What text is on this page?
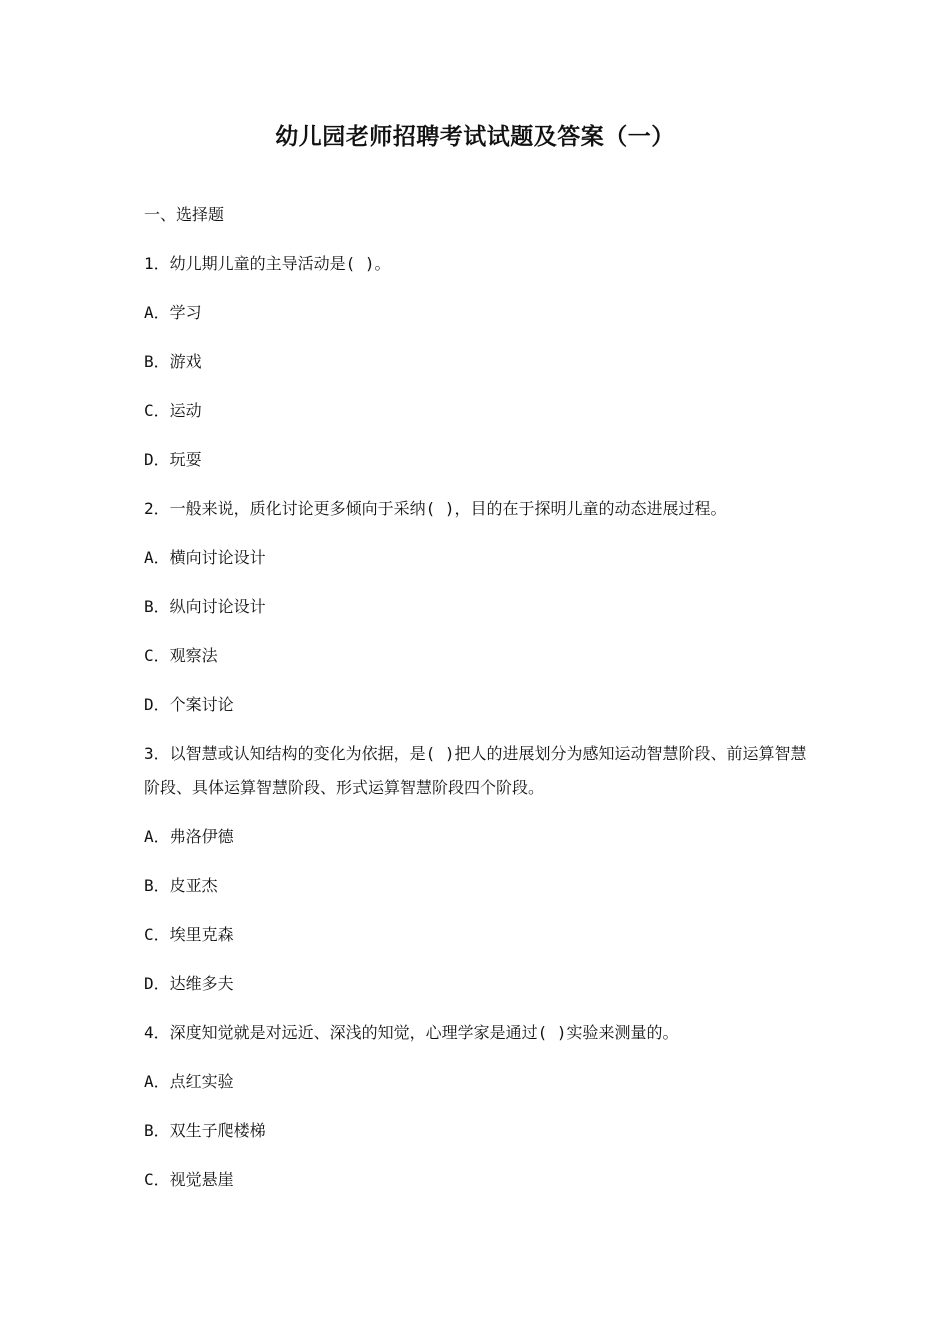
幼儿园老师招聘考试试题及答案（一）
一、选择题
1．幼儿期儿童的主导活动是( )。
A．学习
B．游戏
C．运动
D．玩耍
2．一般来说，质化讨论更多倾向于采纳( )，目的在于探明儿童的动态进展过程。
A．横向讨论设计
B．纵向讨论设计
C．观察法
D．个案讨论
3．以智慧或认知结构的变化为依据，是( )把人的进展划分为感知运动智慧阶段、前运算智慧阶段、具体运算智慧阶段、形式运算智慧阶段四个阶段。
A．弗洛伊德
B．皮亚杰
C．埃里克森
D．达维多夫
4．深度知觉就是对远近、深浅的知觉，心理学家是通过( )实验来测量的。
A．点红实验
B．双生子爬楼梯
C．视觉悬崖
